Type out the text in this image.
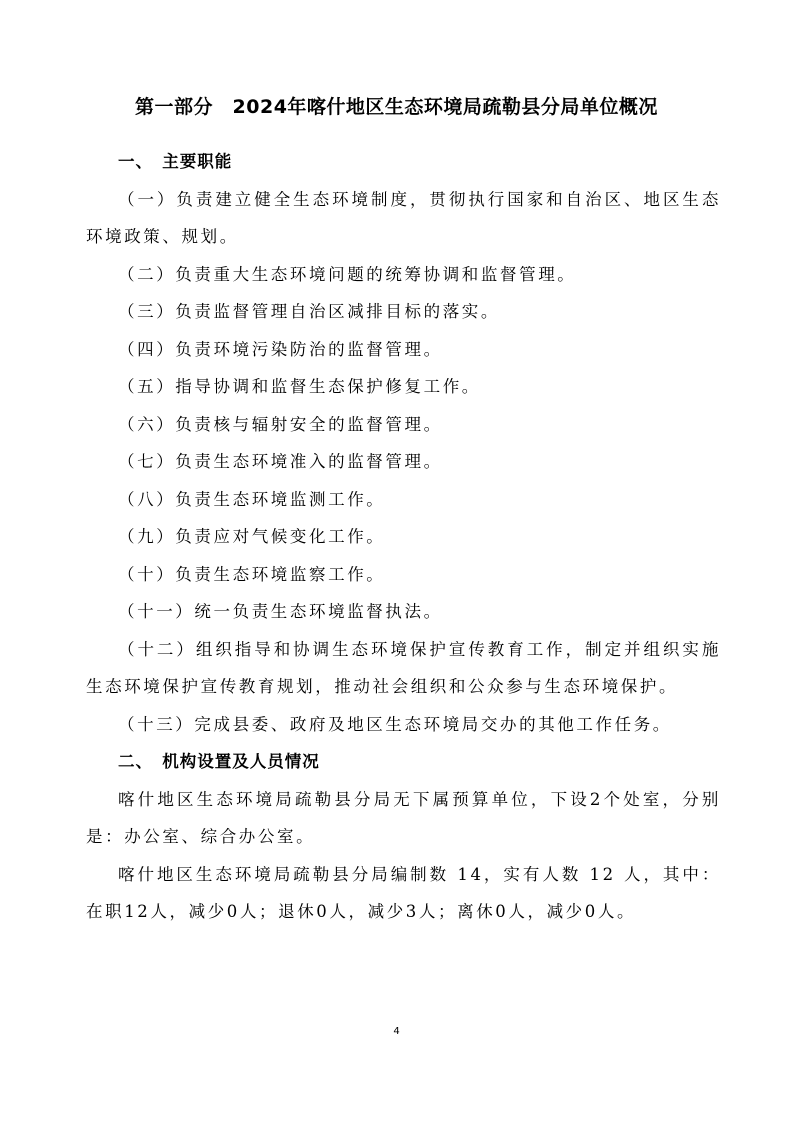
第一部分　2024年喀什地区生态环境局疏勒县分局单位概况

一、　主要职能

（一）负责建立健全生态环境制度，贯彻执行国家和自治区、地区生态环境政策、规划。

（二）负责重大生态环境问题的统筹协调和监督管理。

（三）负责监督管理自治区减排目标的落实。

（四）负责环境污染防治的监督管理。

（五）指导协调和监督生态保护修复工作。

（六）负责核与辐射安全的监督管理。

（七）负责生态环境准入的监督管理。

（八）负责生态环境监测工作。

（九）负责应对气候变化工作。

（十）负责生态环境监察工作。

（十一）统一负责生态环境监督执法。

（十二）组织指导和协调生态环境保护宣传教育工作，制定并组织实施生态环境保护宣传教育规划，推动社会组织和公众参与生态环境保护。

（十三）完成县委、政府及地区生态环境局交办的其他工作任务。

二、　机构设置及人员情况

喀什地区生态环境局疏勒县分局无下属预算单位，下设2个处室，分别是：办公室、综合办公室。

喀什地区生态环境局疏勒县分局编制数 14，实有人数 12 人，其中：在职12人，减少0人；退休0人，减少3人；离休0人，减少0人。

4
